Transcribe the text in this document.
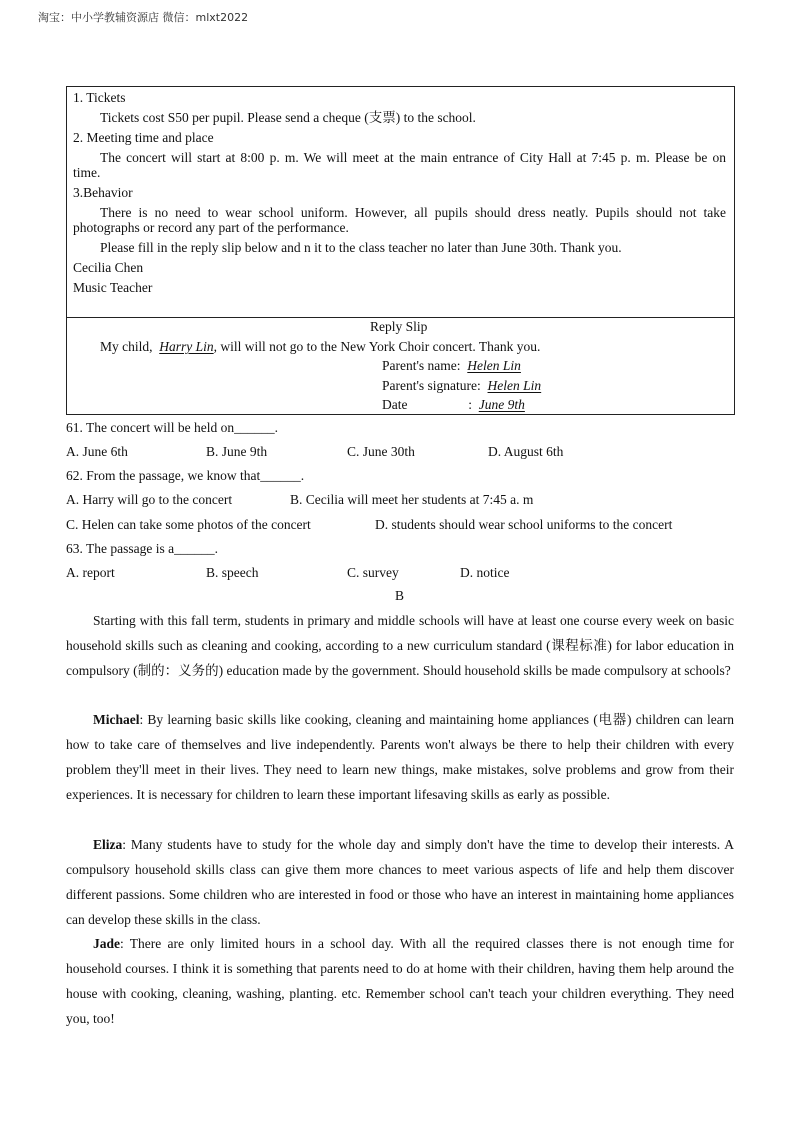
淘宝：中小学教辅资源店 微信：mlxt2022
1. Tickets
Tickets cost S50 per pupil. Please send a cheque (支票) to the school.
2. Meeting time and place
The concert will start at 8:00 p. m. We will meet at the main entrance of City Hall at 7:45 p. m. Please be on
time.
3.Behavior
There is no need to wear school uniform. However, all pupils should dress neatly. Pupils should not take
photographs or record any part of the performance.
Please fill in the reply slip below and n it to the class teacher no later than June 30th. Thank you.
Cecilia Chen
Music Teacher
Reply Slip
My child,  Harry Lin, will will not go to the New York Choir concert. Thank you.
Parent's name:  Helen Lin
Parent's signature:  Helen Lin
Date                  :  June 9th
61. The concert will be held on______.
A. June 6th	B. June 9th	C. June 30th	D. August 6th
62. From the passage, we know that______.
A. Harry will go to the concert	B. Cecilia will meet her students at 7:45 a. m
C. Helen can take some photos of the concert	D. students should wear school uniforms to the concert
63. The passage is a______.
A. report	B. speech	C. survey	D. notice
B
Starting with this fall term, students in primary and middle schools will have at least one course every week on basic household skills such as cleaning and cooking, according to a new curriculum standard (课程标准) for labor education in compulsory (制的：义务的) education made by the government. Should household skills be made compulsory at schools?
Michael: By learning basic skills like cooking, cleaning and maintaining home appliances (电器) children can learn how to take care of themselves and live independently. Parents won't always be there to help their children with every problem they'll meet in their lives. They need to learn new things, make mistakes, solve problems and grow from their experiences. It is necessary for children to learn these important lifesaving skills as early as possible.
Eliza: Many students have to study for the whole day and simply don't have the time to develop their interests. A compulsory household skills class can give them more chances to meet various aspects of life and help them discover different passions. Some children who are interested in food or those who have an interest in maintaining home appliances can develop these skills in the class.
Jade: There are only limited hours in a school day. With all the required classes there is not enough time for household courses. I think it is something that parents need to do at home with their children, having them help around the house with cooking, cleaning, washing, planting. etc. Remember school can't teach your children everything. They need you, too!
